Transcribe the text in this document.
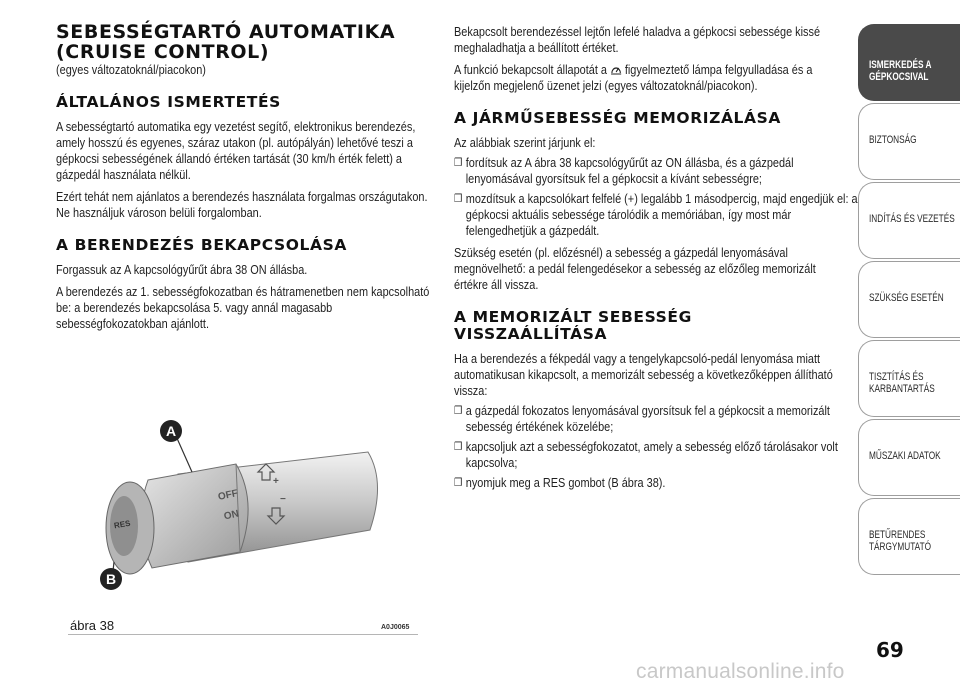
SEBESSÉGTARTÓ AUTOMATIKA (CRUISE CONTROL)

(egyes változatoknál/piacokon)

ÁLTALÁNOS ISMERTETÉS

A sebességtartó automatika egy vezetést segítő, elektronikus berendezés, amely hosszú és egyenes, száraz utakon (pl. autópályán) lehetővé teszi a gépkocsi sebességének állandó értéken tartását (30 km/h érték felett) a gázpedál használata nélkül.

Ezért tehát nem ajánlatos a berendezés használata forgalmas országutakon. Ne használjuk városon belüli forgalomban.

A BERENDEZÉS BEKAPCSOLÁSA

Forgassuk az A kapcsológyűrűt ábra 38 ON állásba.

A berendezés az 1. sebességfokozatban és hátramenetben nem kapcsolható be: a berendezés bekapcsolása 5. vagy annál magasabb sebességfokozatokban ajánlott.

A
B
OFF
ON
RES
+
−
ábra 38	A0J0065

Bekapcsolt berendezéssel lejtőn lefelé haladva a gépkocsi sebessége kissé meghaladhatja a beállított értéket.

A funkció bekapcsolt állapotát a figyelmeztető lámpa felgyulladása és a kijelzőn megjelenő üzenet jelzi (egyes változatoknál/piacokon).

A JÁRMŰSEBESSÉG MEMORIZÁLÁSA

Az alábbiak szerint járjunk el:

❒ fordítsuk az A ábra 38 kapcsológyűrűt az ON állásba, és a gázpedál lenyomásával gyorsítsuk fel a gépkocsit a kívánt sebességre;
❒ mozdítsuk a kapcsolókart felfelé (+) legalább 1 másodpercig, majd engedjük el: a gépkocsi aktuális sebessége tárolódik a memóriában, így most már felengedhetjük a gázpedált.

Szükség esetén (pl. előzésnél) a sebesség a gázpedál lenyomásával megnövelhető: a pedál felengedésekor a sebesség az előzőleg memorizált értékre áll vissza.

A MEMORIZÁLT SEBESSÉG VISSZAÁLLÍTÁSA

Ha a berendezés a fékpedál vagy a tengelykapcsoló-pedál lenyomása miatt automatikusan kikapcsolt, a memorizált sebesség a következőképpen állítható vissza:

❒ a gázpedál fokozatos lenyomásával gyorsítsuk fel a gépkocsit a memorizált sebesség értékének közelébe;
❒ kapcsoljuk azt a sebességfokozatot, amely a sebesség előző tárolásakor volt kapcsolva;
❒ nyomjuk meg a RES gombot (B ábra 38).
ISMERKEDÉS A
GÉPKOCSIVAL
BIZTONSÁG
INDÍTÁS ÉS VEZETÉS
SZÜKSÉG ESETÉN
TISZTÍTÁS ÉS
KARBANTARTÁS
MŰSZAKI ADATOK
BETŰRENDES
TÁRGYMUTATÓ
69
carmanualsonline.info
